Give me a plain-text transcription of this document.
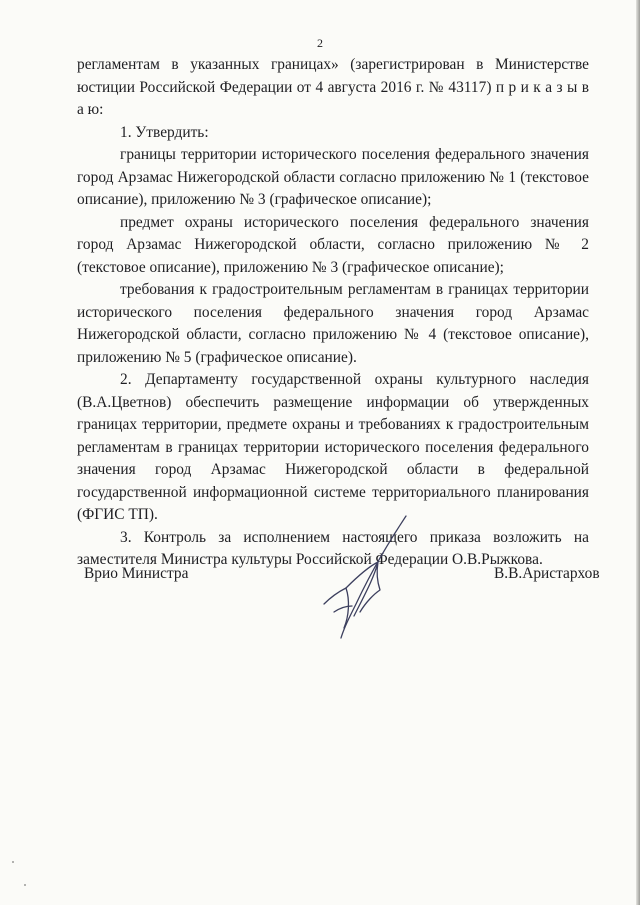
2

регламентам в указанных границах» (зарегистрирован в Министерстве юстиции Российской Федерации от 4 августа 2016 г. № 43117) п р и к а з ы в а ю:

1. Утвердить:

границы территории исторического поселения федерального значения город Арзамас Нижегородской области согласно приложению № 1 (текстовое описание), приложению № 3 (графическое описание);

предмет охраны исторического поселения федерального значения город Арзамас Нижегородской области, согласно приложению № 2 (текстовое описание), приложению № 3 (графическое описание);

требования к градостроительным регламентам в границах территории исторического поселения федерального значения город Арзамас Нижегородской области, согласно приложению № 4 (текстовое описание), приложению № 5 (графическое описание).

2. Департаменту государственной охраны культурного наследия (В.А.Цветнов) обеспечить размещение информации об утвержденных границах территории, предмете охраны и требованиях к градостроительным регламентам в границах территории исторического поселения федерального значения город Арзамас Нижегородской области в федеральной государственной информационной системе территориального планирования (ФГИС ТП).

3. Контроль за исполнением настоящего приказа возложить на заместителя Министра культуры Российской Федерации О.В.Рыжкова.

Врио Министра	В.В.Аристархов
